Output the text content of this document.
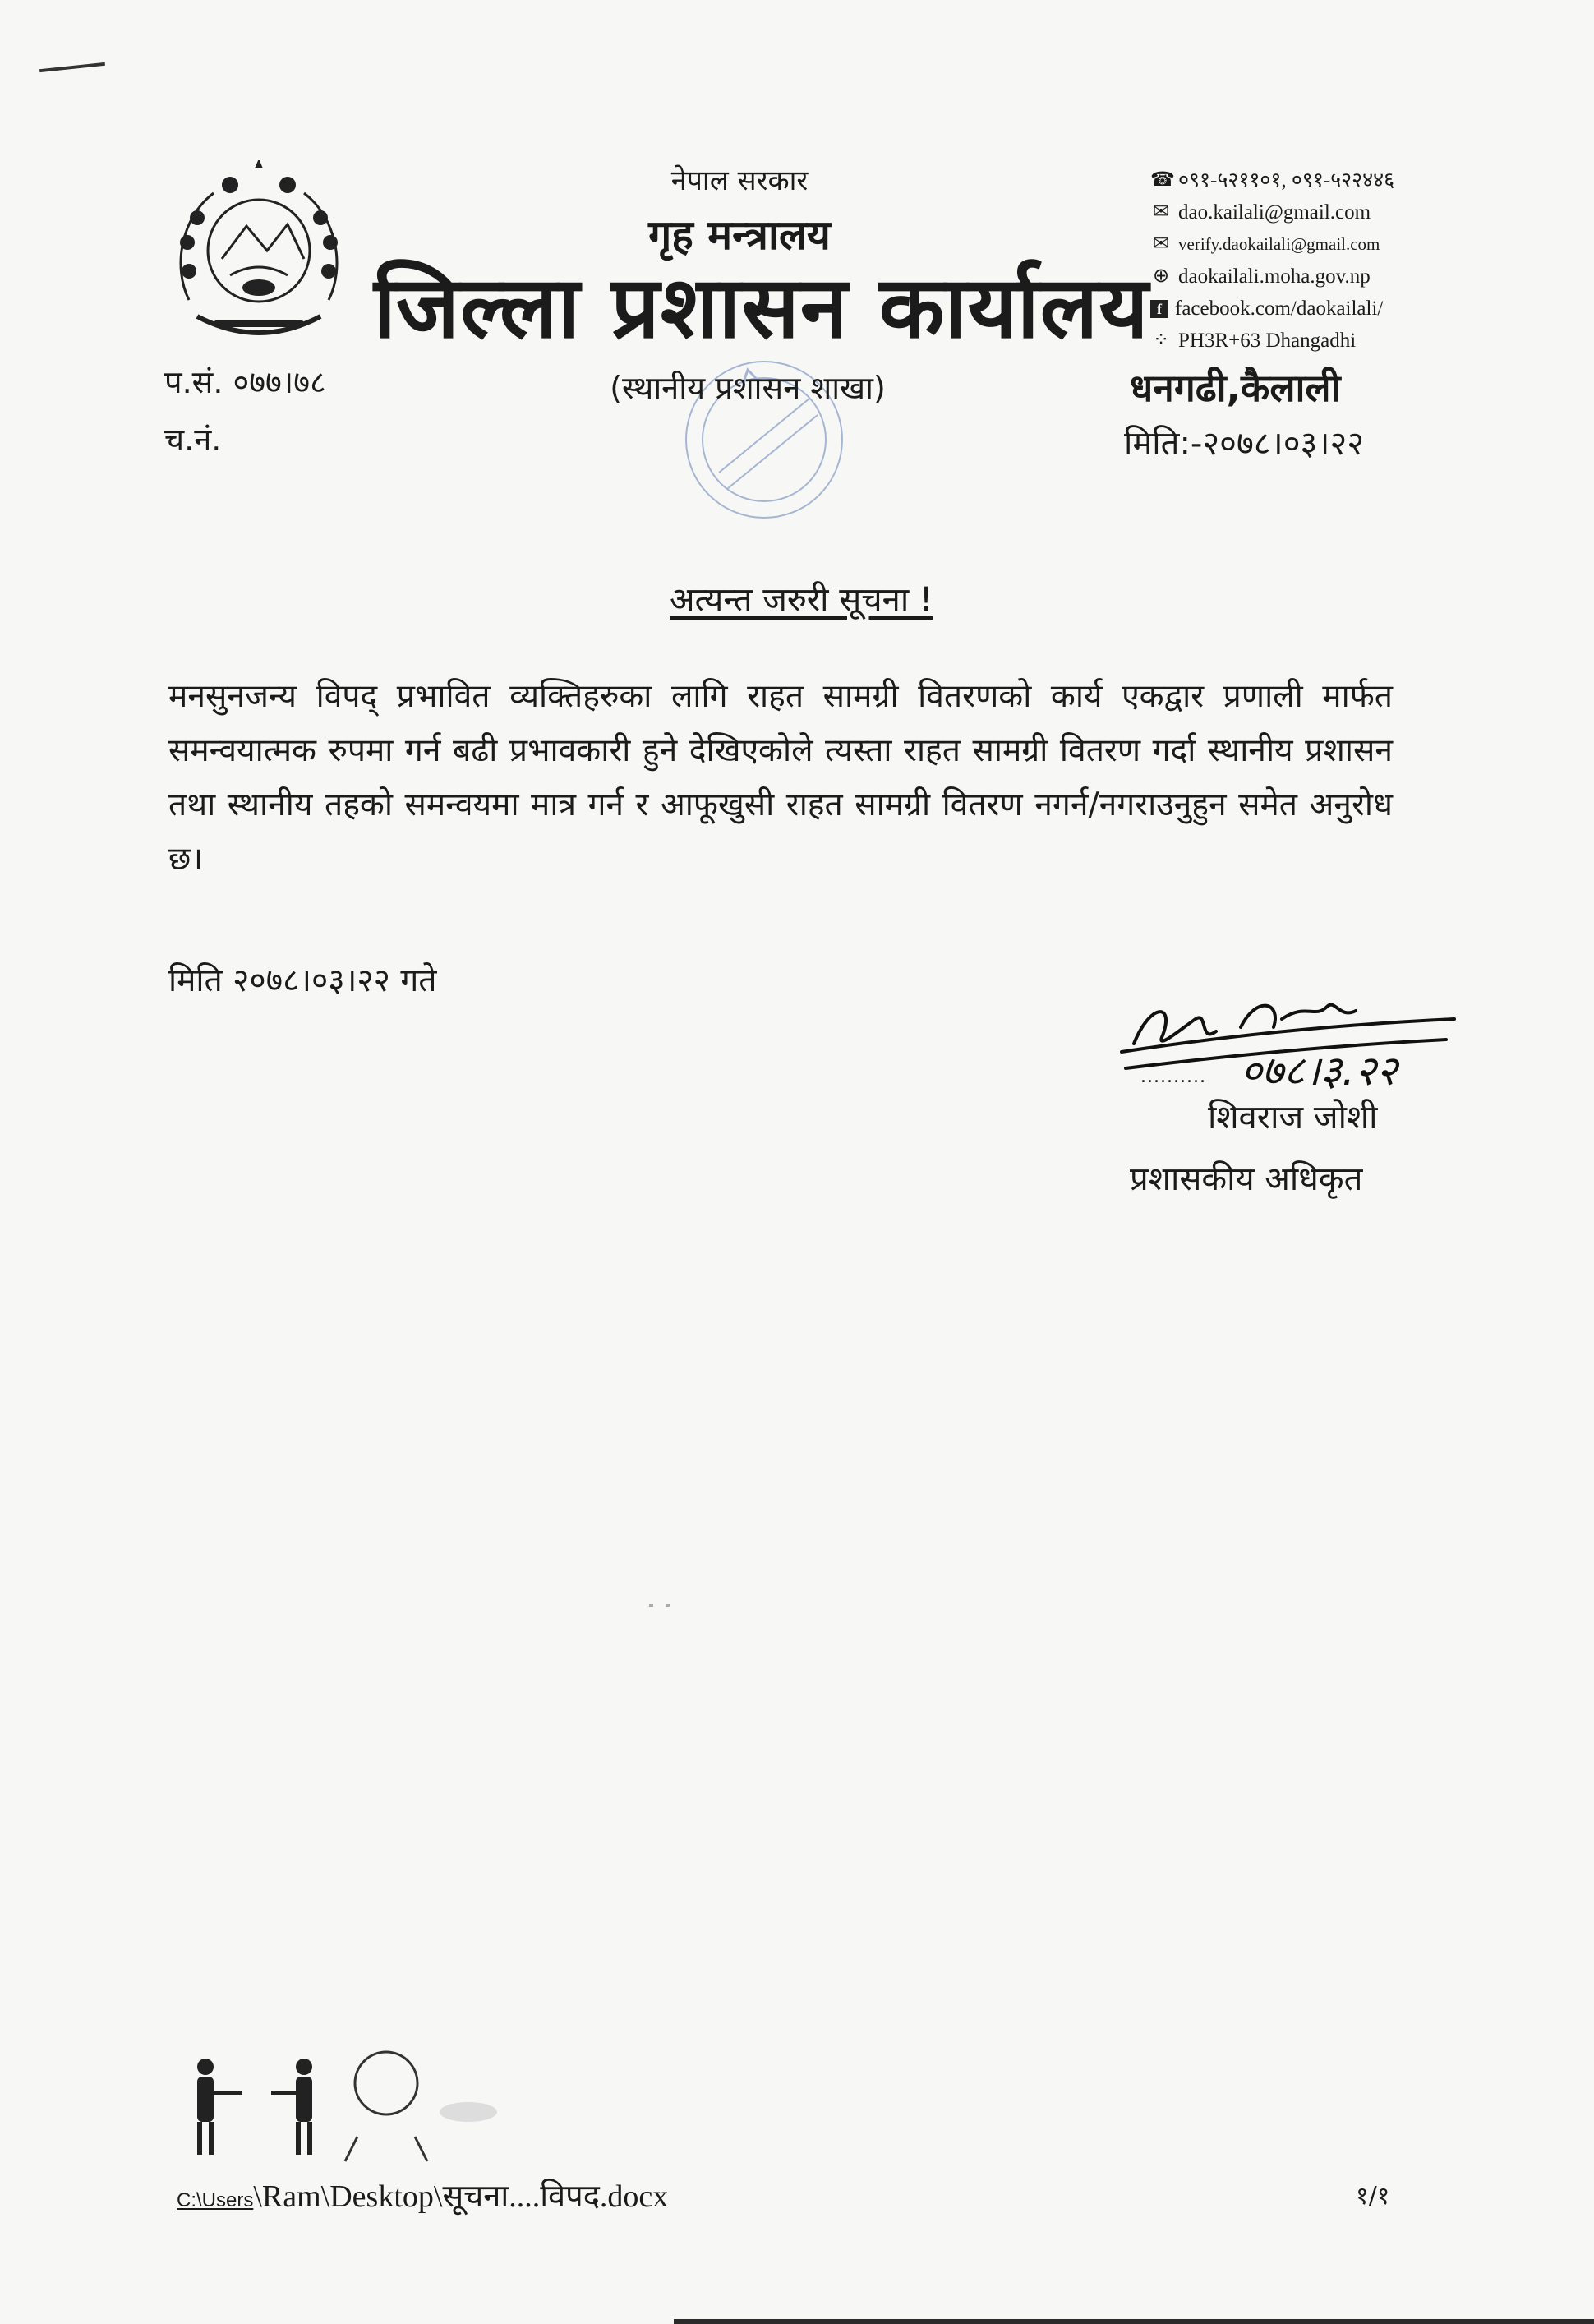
नेपाल सरकार
गृह मन्त्रालय
जिल्ला प्रशासन कार्यालय
(स्थानीय प्रशासन शाखा)
☎ ०९१-५२११०१, ०९१-५२२४४६
✉ dao.kailali@gmail.com
✉ verify.daokailali@gmail.com
⊕ daokailali.moha.gov.np
f facebook.com/daokailali/
⁘ PH3R+63 Dhangadhi
प.सं. ०७७।७८
च.नं.
धनगढी,कैलाली
मिति:-२०७८।०३।२२
अत्यन्त जरुरी सूचना !
मनसुनजन्य विपद् प्रभावित व्यक्तिहरुका लागि राहत सामग्री वितरणको कार्य एकद्वार प्रणाली मार्फत समन्वयात्मक रुपमा गर्न बढी प्रभावकारी हुने देखिएकोले त्यस्ता राहत सामग्री वितरण गर्दा स्थानीय प्रशासन तथा स्थानीय तहको समन्वयमा मात्र गर्न र आफूखुसी राहत सामग्री वितरण नगर्न/नगराउनुहुन समेत अनुरोध छ।
मिति २०७८।०३।२२ गते
०७८।३.२२
..........
शिवराज जोशी
प्रशासकीय अधिकृत
C:\Users\Ram\Desktop\सूचना....विपद.docx	१/१
